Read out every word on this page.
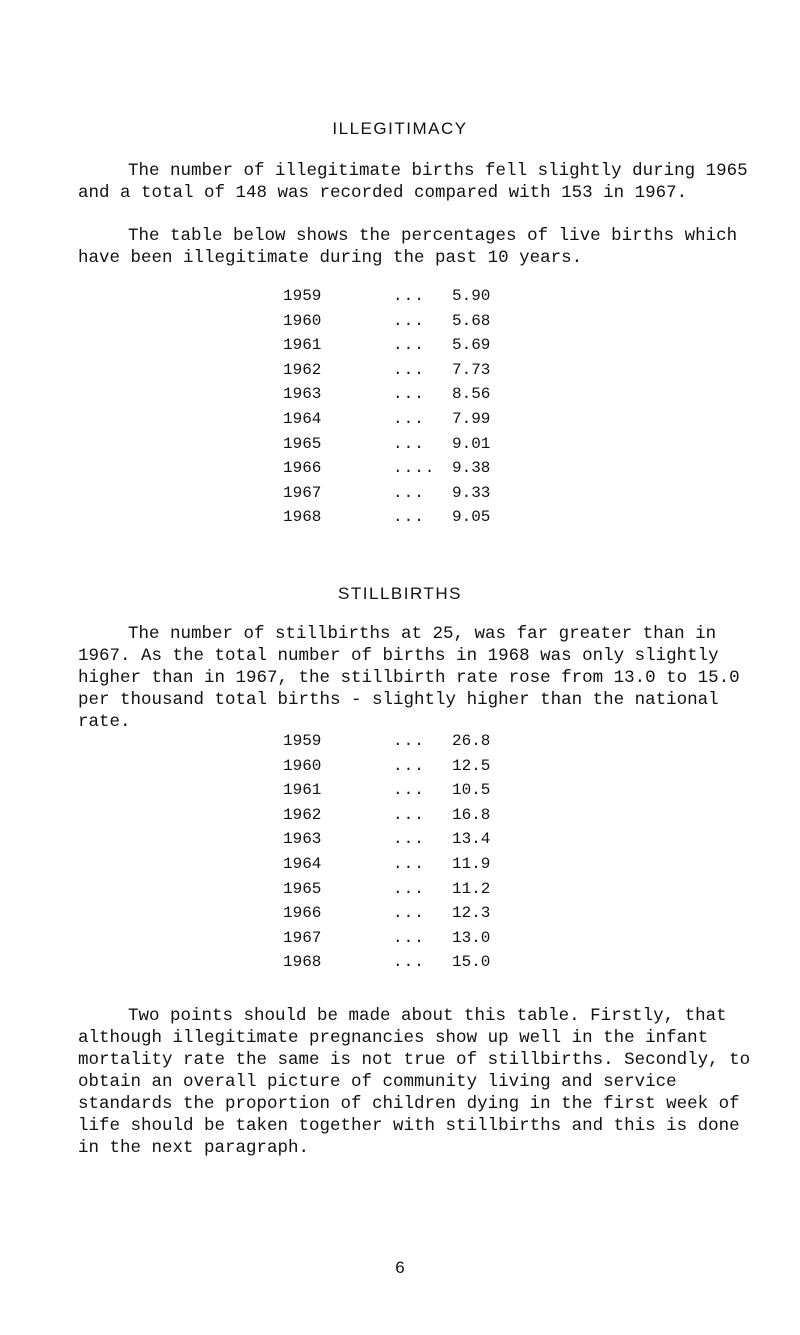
ILLEGITIMACY

The number of illegitimate births fell slightly during 1965 and a total of 148 was recorded compared with 153 in 1967.

The table below shows the percentages of live births which have been illegitimate during the past 10 years.

1959	... 5.90
1960	... 5.68
1961	... 5.69
1962	... 7.73
1963	... 8.56
1964	... 7.99
1965	... 9.01
1966	.... 9.38
1967	... 9.33
1968	... 9.05
STILLBIRTHS

The number of stillbirths at 25, was far greater than in 1967. As the total number of births in 1968 was only slightly higher than in 1967, the stillbirth rate rose from 13.0 to 15.0 per thousand total births - slightly higher than the national rate.

1959	... 26.8
1960	... 12.5
1961	... 10.5
1962	... 16.8
1963	... 13.4
1964	... 11.9
1965	... 11.2
1966	... 12.3
1967	... 13.0
1968	... 15.0

Two points should be made about this table. Firstly, that although illegitimate pregnancies show up well in the infant mortality rate the same is not true of stillbirths. Secondly, to obtain an overall picture of community living and service standards the proportion of children dying in the first week of life should be taken together with stillbirths and this is done in the next paragraph.

6
